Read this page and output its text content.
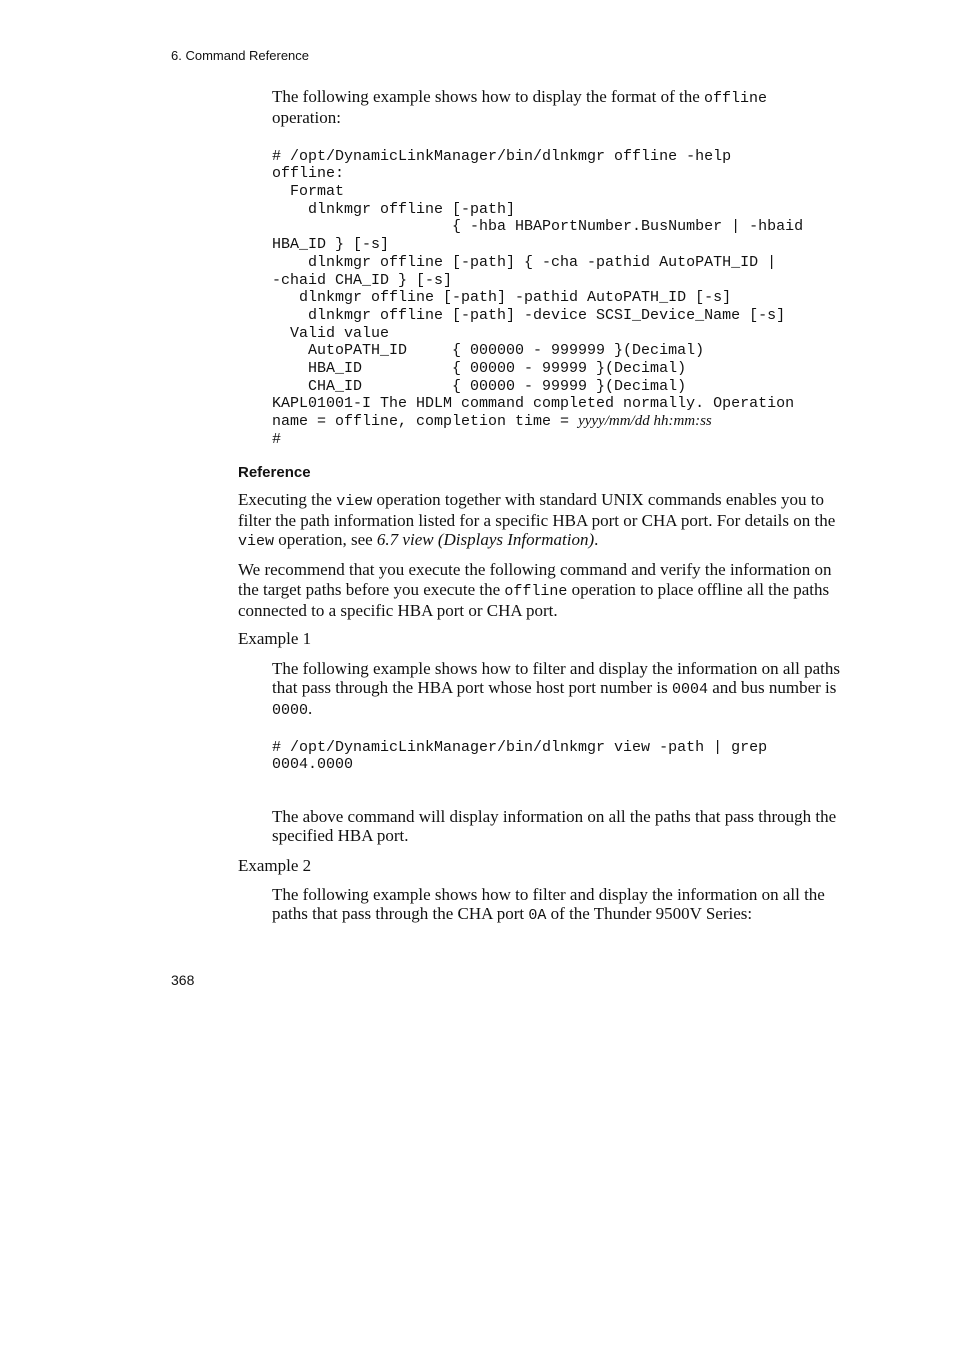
6. Command Reference

The following example shows how to display the format of the offline operation:

# /opt/DynamicLinkManager/bin/dlnkmgr offline -help
offline:
Format
dlnkmgr offline [-path]
{ -hba HBAPortNumber.BusNumber | -hbaid
HBA_ID } [-s]
dlnkmgr offline [-path] { -cha -pathid AutoPATH_ID |
-chaid CHA_ID } [-s]
dlnkmgr offline [-path] -pathid AutoPATH_ID [-s]
dlnkmgr offline [-path] -device SCSI_Device_Name [-s]
Valid value
AutoPATH_ID     { 000000 - 999999 }(Decimal)
HBA_ID          { 00000 - 99999 }(Decimal)
CHA_ID          { 00000 - 99999 }(Decimal)
KAPL01001-I The HDLM command completed normally. Operation
name = offline, completion time = yyyy/mm/dd hh:mm:ss
#
Reference

Executing the view operation together with standard UNIX commands enables you to filter the path information listed for a specific HBA port or CHA port. For details on the view operation, see 6.7 view (Displays Information).

We recommend that you execute the following command and verify the information on the target paths before you execute the offline operation to place offline all the paths connected to a specific HBA port or CHA port.

Example 1

The following example shows how to filter and display the information on all paths that pass through the HBA port whose host port number is 0004 and bus number is 0000.

# /opt/DynamicLinkManager/bin/dlnkmgr view -path | grep
0004.0000

The above command will display information on all the paths that pass through the specified HBA port.

Example 2

The following example shows how to filter and display the information on all the paths that pass through the CHA port 0A of the Thunder 9500V Series:

368
